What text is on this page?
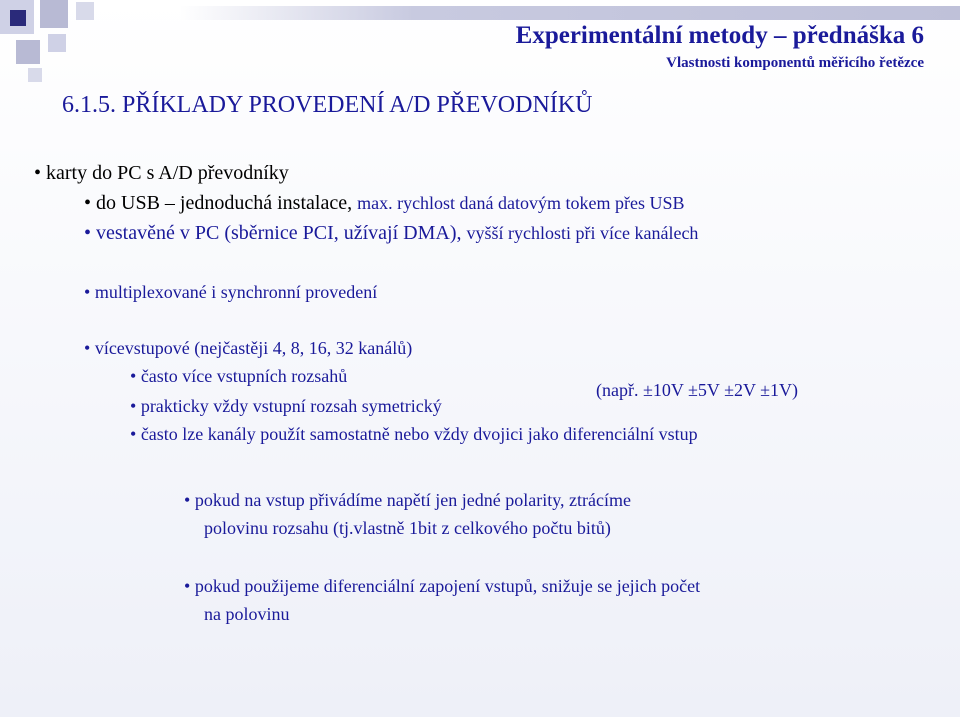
Experimentální metody – přednáška 6
Vlastnosti komponentů měřicího řetězce
6.1.5. PŘÍKLADY PROVEDENÍ A/D PŘEVODNÍKŮ
• karty do PC s A/D převodníky
• do USB – jednoduchá instalace, max. rychlost daná datovým tokem přes USB
• vestavěné v PC (sběrnice PCI, užívají DMA), vyšší rychlosti při více kanálech
• multiplexované i synchronní provedení
• vícevstupové (nejčastěji 4, 8, 16, 32 kanálů)
• často více vstupních rozsahů
(např. ±10V ±5V ±2V ±1V)
• prakticky vždy vstupní rozsah symetrický
• často lze kanály použít samostatně nebo vždy dvojici jako diferenciální vstup
• pokud na vstup přivádíme napětí jen jedné polarity, ztrácíme
polovinu rozsahu (tj.vlastně 1bit z celkového počtu bitů)
• pokud použijeme diferenciální zapojení vstupů, snižuje se jejich počet
na polovinu
